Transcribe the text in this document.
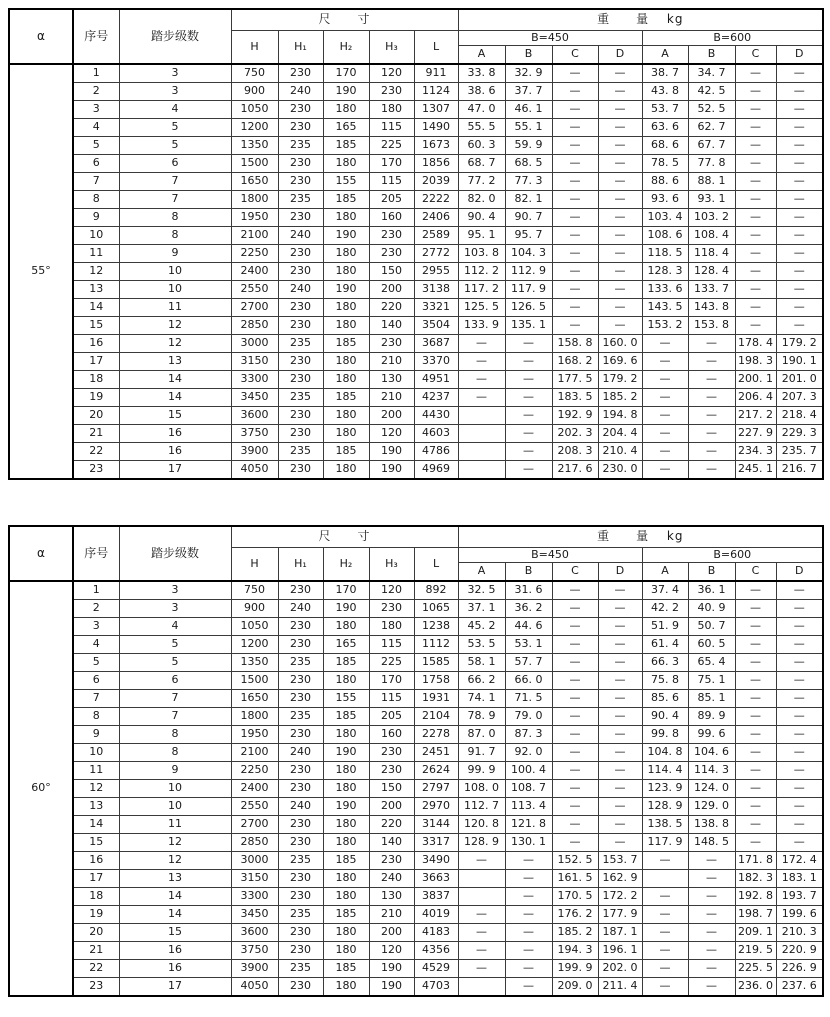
α	序号	踏步级数	尺　　寸					重　　量　 kg							
			H	H₁	H₂	H₃	L	B=450				B=600			
								A	B	C	D	A	B	C	D
55°	1	3	750	230	170	120	911	33. 8	32. 9	—	—	38. 7	34. 7	—	—
	2	3	900	240	190	230	1124	38. 6	37. 7	—	—	43. 8	42. 5	—	—
	3	4	1050	230	180	180	1307	47. 0	46. 1	—	—	53. 7	52. 5	—	—
	4	5	1200	230	165	115	1490	55. 5	55. 1	—	—	63. 6	62. 7	—	—
	5	5	1350	235	185	225	1673	60. 3	59. 9	—	—	68. 6	67. 7	—	—
	6	6	1500	230	180	170	1856	68. 7	68. 5	—	—	78. 5	77. 8	—	—
	7	7	1650	230	155	115	2039	77. 2	77. 3	—	—	88. 6	88. 1	—	—
	8	7	1800	235	185	205	2222	82. 0	82. 1	—	—	93. 6	93. 1	—	—
	9	8	1950	230	180	160	2406	90. 4	90. 7	—	—	103. 4	103. 2	—	—
	10	8	2100	240	190	230	2589	95. 1	95. 7	—	—	108. 6	108. 4	—	—
	11	9	2250	230	180	230	2772	103. 8	104. 3	—	—	118. 5	118. 4	—	—
	12	10	2400	230	180	150	2955	112. 2	112. 9	—	—	128. 3	128. 4	—	—
	13	10	2550	240	190	200	3138	117. 2	117. 9	—	—	133. 6	133. 7	—	—
	14	11	2700	230	180	220	3321	125. 5	126. 5	—	—	143. 5	143. 8	—	—
	15	12	2850	230	180	140	3504	133. 9	135. 1	—	—	153. 2	153. 8	—	—
	16	12	3000	235	185	230	3687	—	—	158. 8	160. 0	—	—	178. 4	179. 2
	17	13	3150	230	180	210	3370	—	—	168. 2	169. 6	—	—	198. 3	190. 1
	18	14	3300	230	180	130	4951	—	—	177. 5	179. 2	—	—	200. 1	201. 0
	19	14	3450	235	185	210	4237	—	—	183. 5	185. 2	—	—	206. 4	207. 3
	20	15	3600	230	180	200	4430		—	192. 9	194. 8	—	—	217. 2	218. 4
	21	16	3750	230	180	120	4603		—	202. 3	204. 4	—	—	227. 9	229. 3
	22	16	3900	235	185	190	4786		—	208. 3	210. 4	—	—	234. 3	235. 7
	23	17	4050	230	180	190	4969		—	217. 6	230. 0	—	—	245. 1	216. 7
α	序号	踏步级数	尺　　寸					重　　量　 kg							
			H	H₁	H₂	H₃	L	B=450				B=600			
								A	B	C	D	A	B	C	D
60°	1	3	750	230	170	120	892	32. 5	31. 6	—	—	37. 4	36. 1	—	—
	2	3	900	240	190	230	1065	37. 1	36. 2	—	—	42. 2	40. 9	—	—
	3	4	1050	230	180	180	1238	45. 2	44. 6	—	—	51. 9	50. 7	—	—
	4	5	1200	230	165	115	1112	53. 5	53. 1	—	—	61. 4	60. 5	—	—
	5	5	1350	235	185	225	1585	58. 1	57. 7	—	—	66. 3	65. 4	—	—
	6	6	1500	230	180	170	1758	66. 2	66. 0	—	—	75. 8	75. 1	—	—
	7	7	1650	230	155	115	1931	74. 1	71. 5	—	—	85. 6	85. 1	—	—
	8	7	1800	235	185	205	2104	78. 9	79. 0	—	—	90. 4	89. 9	—	—
	9	8	1950	230	180	160	2278	87. 0	87. 3	—	—	99. 8	99. 6	—	—
	10	8	2100	240	190	230	2451	91. 7	92. 0	—	—	104. 8	104. 6	—	—
	11	9	2250	230	180	230	2624	99. 9	100. 4	—	—	114. 4	114. 3	—	—
	12	10	2400	230	180	150	2797	108. 0	108. 7	—	—	123. 9	124. 0	—	—
	13	10	2550	240	190	200	2970	112. 7	113. 4	—	—	128. 9	129. 0	—	—
	14	11	2700	230	180	220	3144	120. 8	121. 8	—	—	138. 5	138. 8	—	—
	15	12	2850	230	180	140	3317	128. 9	130. 1	—	—	117. 9	148. 5	—	—
	16	12	3000	235	185	230	3490	—	—	152. 5	153. 7	—	—	171. 8	172. 4
	17	13	3150	230	180	240	3663		—	161. 5	162. 9		—	182. 3	183. 1
	18	14	3300	230	180	130	3837		—	170. 5	172. 2	—	—	192. 8	193. 7
	19	14	3450	235	185	210	4019	—	—	176. 2	177. 9	—	—	198. 7	199. 6
	20	15	3600	230	180	200	4183	—	—	185. 2	187. 1	—	—	209. 1	210. 3
	21	16	3750	230	180	120	4356	—	—	194. 3	196. 1	—	—	219. 5	220. 9
	22	16	3900	235	185	190	4529	—	—	199. 9	202. 0	—	—	225. 5	226. 9
	23	17	4050	230	180	190	4703		—	209. 0	211. 4	—	—	236. 0	237. 6
